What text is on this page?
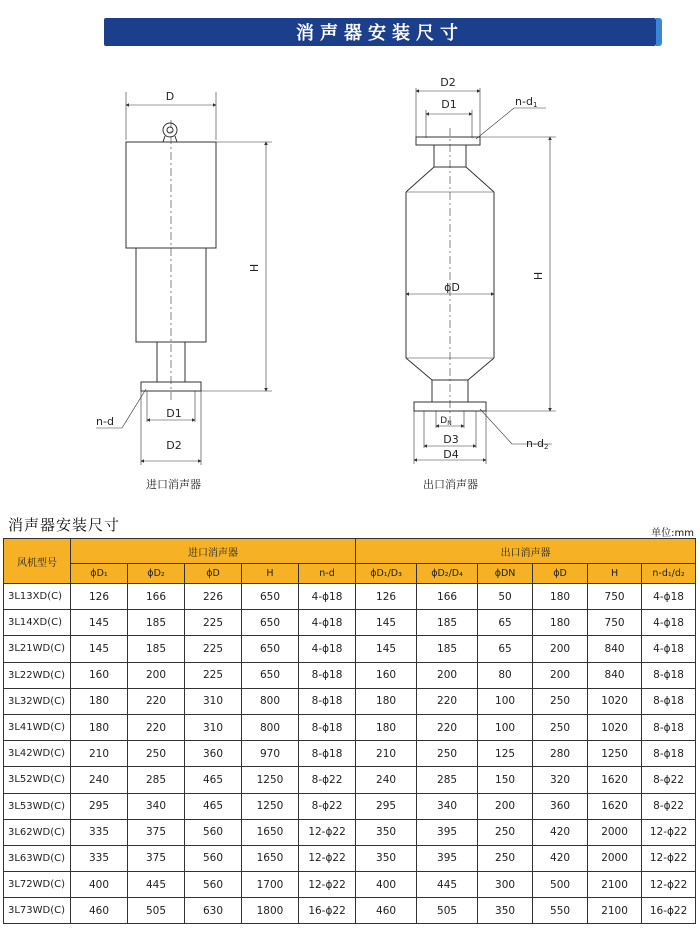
消声器安装尺寸
D
H
D1
D2
n-d
D2
D1	n-d1
H
ϕD
$D_N$
D3
D4
n-d2
进口消声器	出口消声器
消声器安装尺寸	单位:mm
风机型号	进口消声器					出口消声器					
	ϕD₁	ϕD₂	ϕD	H	n-d	ϕD₁/D₃	ϕD₂/D₄	ϕDN	ϕD	H	n-d₁/d₂
3L13XD(C)	126	166	226	650	4-ϕ18	126	166	50	180	750	4-ϕ18
3L14XD(C)	145	185	225	650	4-ϕ18	145	185	65	180	750	4-ϕ18
3L21WD(C)	145	185	225	650	4-ϕ18	145	185	65	200	840	4-ϕ18
3L22WD(C)	160	200	225	650	8-ϕ18	160	200	80	200	840	8-ϕ18
3L32WD(C)	180	220	310	800	8-ϕ18	180	220	100	250	1020	8-ϕ18
3L41WD(C)	180	220	310	800	8-ϕ18	180	220	100	250	1020	8-ϕ18
3L42WD(C)	210	250	360	970	8-ϕ18	210	250	125	280	1250	8-ϕ18
3L52WD(C)	240	285	465	1250	8-ϕ22	240	285	150	320	1620	8-ϕ22
3L53WD(C)	295	340	465	1250	8-ϕ22	295	340	200	360	1620	8-ϕ22
3L62WD(C)	335	375	560	1650	12-ϕ22	350	395	250	420	2000	12-ϕ22
3L63WD(C)	335	375	560	1650	12-ϕ22	350	395	250	420	2000	12-ϕ22
3L72WD(C)	400	445	560	1700	12-ϕ22	400	445	300	500	2100	12-ϕ22
3L73WD(C)	460	505	630	1800	16-ϕ22	460	505	350	550	2100	16-ϕ22
